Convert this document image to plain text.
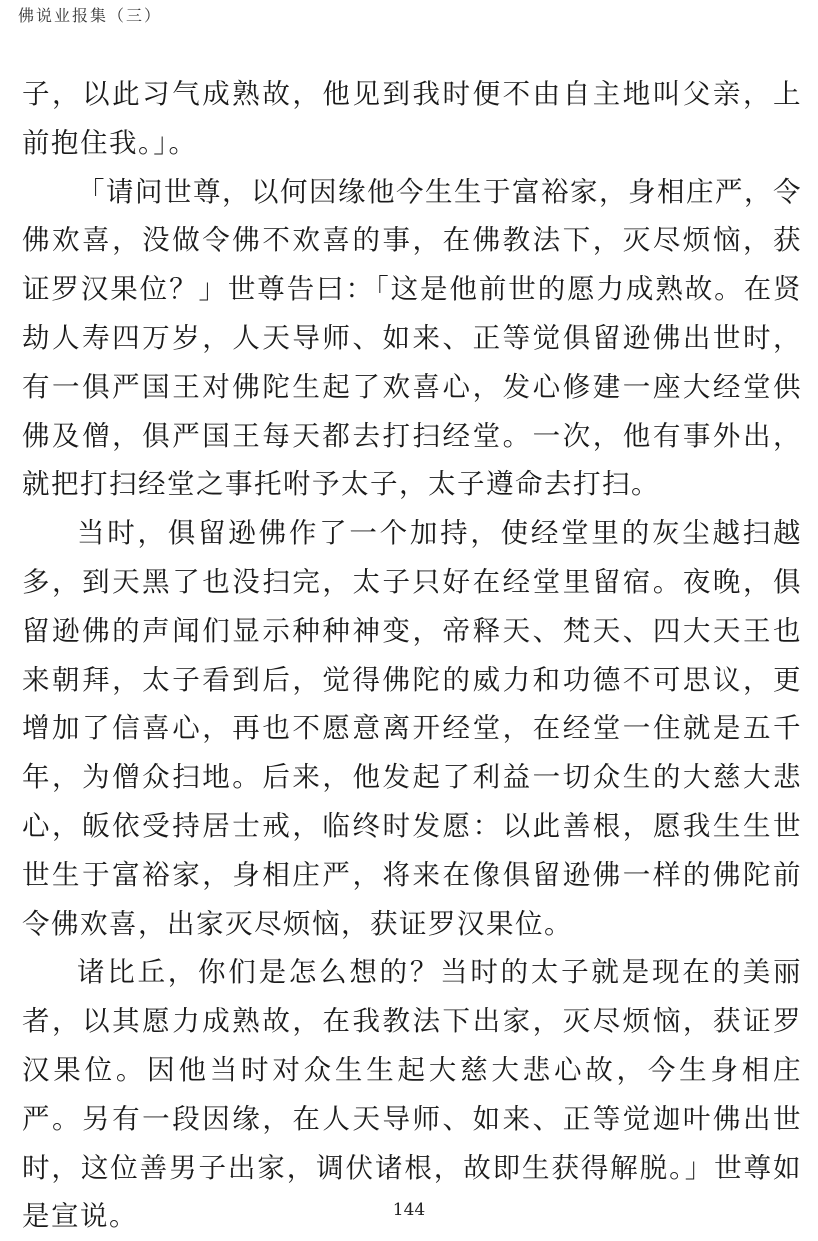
佛说业报集（三）

子，以此习气成熟故，他见到我时便不由自主地叫父亲，上前抱住我。」。

「请问世尊，以何因缘他今生生于富裕家，身相庄严，令佛欢喜，没做令佛不欢喜的事，在佛教法下，灭尽烦恼，获证罗汉果位？」世尊告曰：「这是他前世的愿力成熟故。在贤劫人寿四万岁，人天导师、如来、正等觉俱留逊佛出世时，有一俱严国王对佛陀生起了欢喜心，发心修建一座大经堂供佛及僧，俱严国王每天都去打扫经堂。一次，他有事外出，就把打扫经堂之事托咐予太子，太子遵命去打扫。

当时，俱留逊佛作了一个加持，使经堂里的灰尘越扫越多，到天黑了也没扫完，太子只好在经堂里留宿。夜晚，俱留逊佛的声闻们显示种种神变，帝释天、梵天、四大天王也来朝拜，太子看到后，觉得佛陀的威力和功德不可思议，更增加了信喜心，再也不愿意离开经堂，在经堂一住就是五千年，为僧众扫地。后来，他发起了利益一切众生的大慈大悲心，皈依受持居士戒，临终时发愿：以此善根，愿我生生世世生于富裕家，身相庄严，将来在像俱留逊佛一样的佛陀前令佛欢喜，出家灭尽烦恼，获证罗汉果位。

诸比丘，你们是怎么想的？当时的太子就是现在的美丽者，以其愿力成熟故，在我教法下出家，灭尽烦恼，获证罗汉果位。因他当时对众生生起大慈大悲心故，今生身相庄严。另有一段因缘，在人天导师、如来、正等觉迦叶佛出世时，这位善男子出家，调伏诸根，故即生获得解脱。」世尊如是宣说。	144
